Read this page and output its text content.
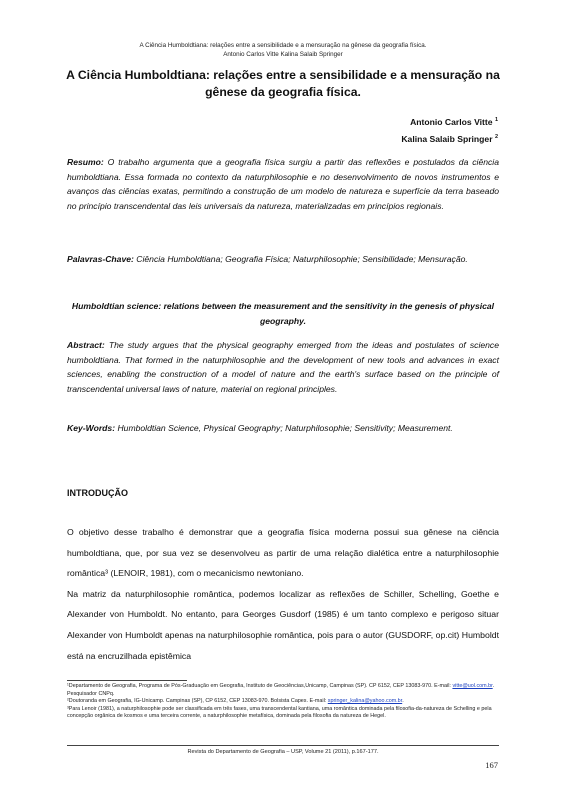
A Ciência Humboldtiana: relações entre a sensibilidade e a mensuração na gênese da geografia física.
Antonio Carlos Vitte Kalina Salaib Springer
A Ciência Humboldtiana: relações entre a sensibilidade e a mensuração na gênese da geografia física.
Antonio Carlos Vitte $^1$
Kalina Salaib Springer $^2$
Resumo: O trabalho argumenta que a geografia física surgiu a partir das reflexões e postulados da ciência humboldtiana. Essa formada no contexto da naturphilosophie e no desenvolvimento de novos instrumentos e avanços das ciências exatas, permitindo a construção de um modelo de natureza e superfície da terra baseado no princípio transcendental das leis universais da natureza, materializadas em princípios regionais.
Palavras-Chave: Ciência Humboldtiana; Geografia Física; Naturphilosophie; Sensibilidade; Mensuração.
Humboldtian science: relations between the measurement and the sensitivity in the genesis of physical geography.
Abstract: The study argues that the physical geography emerged from the ideas and postulates of science humboldtiana. That formed in the naturphilosophie and the development of new tools and advances in exact sciences, enabling the construction of a model of nature and the earth's surface based on the principle of transcendental universal laws of nature, material on regional principles.
Key-Words: Humboldtian Science, Physical Geography; Naturphilosophie; Sensitivity; Measurement.
INTRODUÇÃO

O objetivo desse trabalho é demonstrar que a geografia física moderna possui sua gênese na ciência humboldtiana, que, por sua vez se desenvolveu as partir de uma relação dialética entre a naturphilosophie romântica³ (LENOIR, 1981), com o mecanicismo newtoniano.

Na matriz da naturphilosophie romântica, podemos localizar as reflexões de Schiller, Schelling, Goethe e Alexander von Humboldt. No entanto, para Georges Gusdorf (1985) é um tanto complexo e perigoso situar Alexander von Humboldt apenas na naturphilosophie romântica, pois para o autor (GUSDORF, op.cit) Humboldt está na encruzilhada epistêmica

¹Departamento de Geografia, Programa de Pós-Graduação em Geografia, Instituto de Geociências,Unicamp, Campinas (SP). CP 6152, CEP 13083-970. E-mail: vitte@uol.com.br. Pesquisador CNPq.

²Doutoranda em Geografia, IG-Unicamp. Campinas (SP), CP 6152, CEP 13083-970. Bolsista Capes. E-mail: springer_kalina@yahoo.com.br.

³Para Lenoir (1981), a naturphilosophie pode ser classificada em três fases, uma transcendental kantiana, uma romântica dominada pela filosofia-da-natureza de Schelling e pela concepção orgânica de kosmos e uma terceira corrente, a naturphilosophie metafísica, dominada pela filosofia da natureza de Hegel.

Revista do Departamento de Geografia – USP, Volume 21 (2011), p.167-177.
167
